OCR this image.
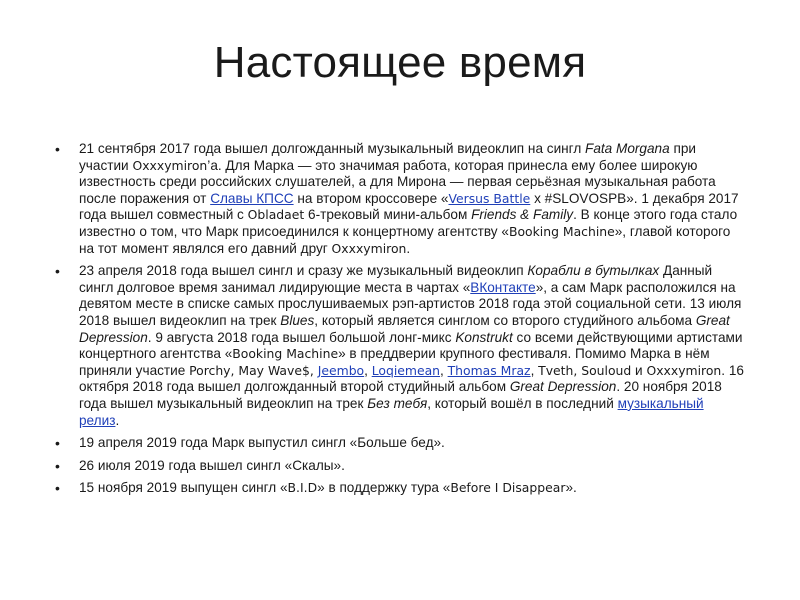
Настоящее время
• 21 сентября 2017 года вышел долгожданный музыкальный видеоклип на сингл Fata Morgana при участии Oxxxymiron’а. Для Марка — это значимая работа, которая принесла ему более широкую известность среди российских слушателей, а для Мирона — первая серьёзная музыкальная работа после поражения от Славы КПСС на втором кроссовере «Versus Battle x #SLOVOSPB». 1 декабря 2017 года вышел совместный с Obladaet 6-трековый мини-альбом Friends & Family. В конце этого года стало известно о том, что Марк присоединился к концертному агентству «Booking Machine», главой которого на тот момент являлся его давний друг Oxxxymiron.
• 23 апреля 2018 года вышел сингл и сразу же музыкальный видеоклип Корабли в бутылках Данный сингл долговое время занимал лидирующие места в чартах «ВКонтакте», а сам Марк расположился на девятом месте в списке самых прослушиваемых рэп-артистов 2018 года этой социальной сети. 13 июля 2018 вышел видеоклип на трек Blues, который является синглом со второго студийного альбома Great Depression. 9 августа 2018 года вышел большой лонг-микс Konstrukt со всеми действующими артистами концертного агентства «Booking Machine» в преддверии крупного фестиваля. Помимо Марка в нём приняли участие Porchy, May Wave$, Jeembo, Loqiemean, Thomas Mraz, Tveth, Souloud и Oxxxymiron. 16 октября 2018 года вышел долгожданный второй студийный альбом Great Depression. 20 ноября 2018 года вышел музыкальный видеоклип на трек Без тебя, который вошёл в последний музыкальный релиз.
• 19 апреля 2019 года Марк выпустил сингл «Больше бед».
• 26 июля 2019 года вышел сингл «Скалы».
• 15 ноября 2019 выпущен сингл «B.I.D» в поддержку тура «Before I Disappear».
